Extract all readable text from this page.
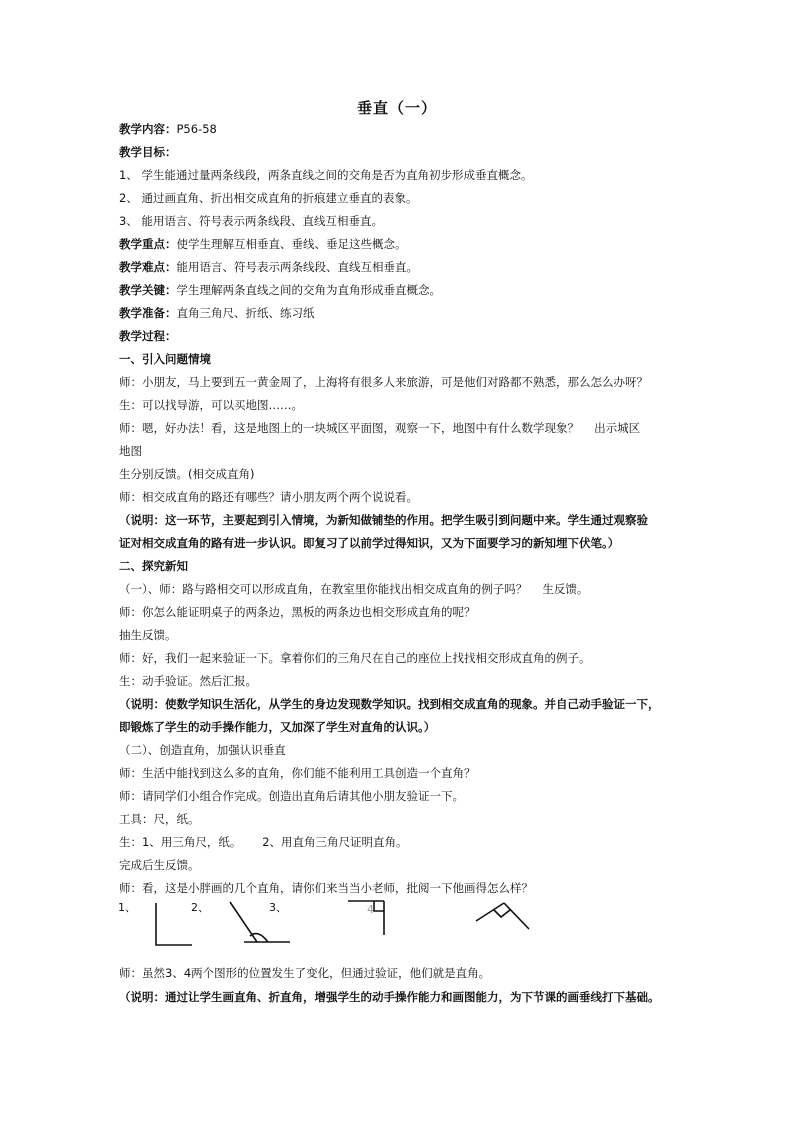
垂直（一）
教学内容：P56-58
教学目标：
1、 学生能通过量两条线段，两条直线之间的交角是否为直角初步形成垂直概念。
2、 通过画直角、折出相交成直角的折痕建立垂直的表象。
3、 能用语言、符号表示两条线段、直线互相垂直。
教学重点：使学生理解互相垂直、垂线、垂足这些概念。
教学难点：能用语言、符号表示两条线段、直线互相垂直。
教学关键：学生理解两条直线之间的交角为直角形成垂直概念。
教学准备：直角三角尺、折纸、练习纸
教学过程：
一、引入问题情境
师：小朋友，马上要到五一黄金周了，上海将有很多人来旅游，可是他们对路都不熟悉，那么怎么办呀？
生：可以找导游，可以买地图……。
师：嗯，好办法！看，这是地图上的一块城区平面图，观察一下，地图中有什么数学现象？　 出示城区
地图
生分别反馈。(相交成直角)
师：相交成直角的路还有哪些？请小朋友两个两个说说看。
（说明：这一环节，主要起到引入情境，为新知做铺垫的作用。把学生吸引到问题中来。学生通过观察验
证对相交成直角的路有进一步认识。即复习了以前学过得知识，又为下面要学习的新知埋下伏笔。）
二、探究新知
（一）、师：路与路相交可以形成直角，在教室里你能找出相交成直角的例子吗？　 生反馈。
师：你怎么能证明桌子的两条边，黑板的两条边也相交形成直角的呢？
抽生反馈。
师：好，我们一起来验证一下。拿着你们的三角尺在自己的座位上找找相交形成直角的例子。
生：动手验证。然后汇报。
（说明：使数学知识生活化，从学生的身边发现数学知识。找到相交成直角的现象。并自己动手验证一下，
即锻炼了学生的动手操作能力，又加深了学生对直角的认识。）
（二）、创造直角，加强认识垂直
师：生活中能找到这么多的直角，你们能不能利用工具创造一个直角？
师：请同学们小组合作完成。创造出直角后请其他小朋友验证一下。
工具：尺，纸。
生：1、用三角尺，纸。　　 2、用直角三角尺证明直角。
完成后生反馈。
师：看，这是小胖画的几个直角，请你们来当当小老师，批阅一下他画得怎么样？
1、	2、	3、	4
师：虽然3、4两个图形的位置发生了变化，但通过验证，他们就是直角。
（说明：通过让学生画直角、折直角，增强学生的动手操作能力和画图能力，为下节课的画垂线打下基础。
